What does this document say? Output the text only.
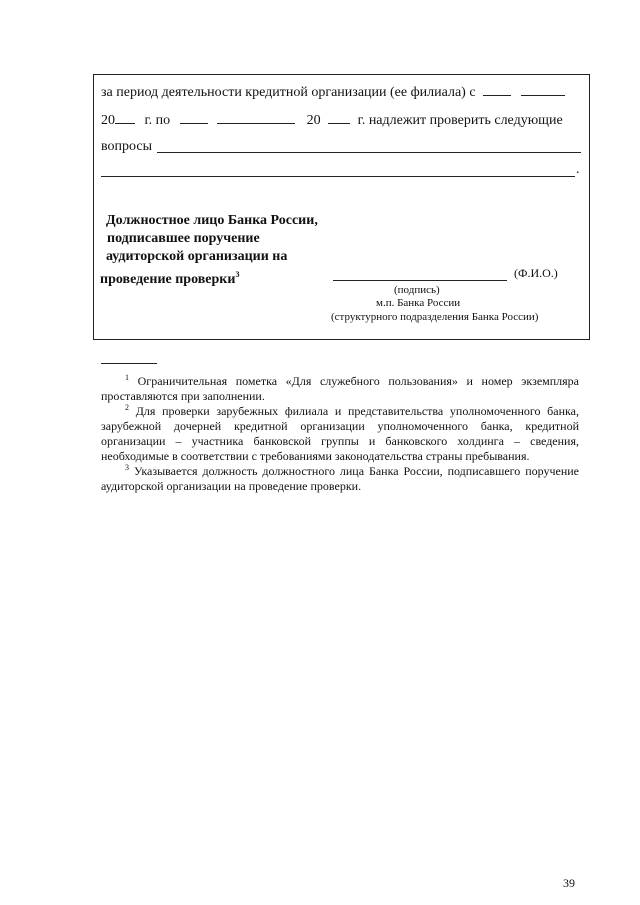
за период деятельности кредитной организации (ее филиала) с
20 г. по	20	г. надлежит проверить следующие
вопросы
.
Должностное лицо Банка России,
подписавшее поручение
аудиторской организации на
проведение проверки$^3$	(Ф.И.О.)
(подпись)
м.п. Банка России
(структурного подразделения Банка России)

$^1$ Ограничительная пометка «Для служебного пользования» и номер экземпляра проставляются при заполнении.

$^2$ Для проверки зарубежных филиала и представительства уполномоченного банка, зарубежной дочерней кредитной организации уполномоченного банка, кредитной организации – участника банковской группы и банковского холдинга – сведения, необходимые в соответствии с требованиями законодательства страны пребывания.

$^3$ Указывается должность должностного лица Банка России, подписавшего поручение аудиторской организации на проведение проверки.

39
